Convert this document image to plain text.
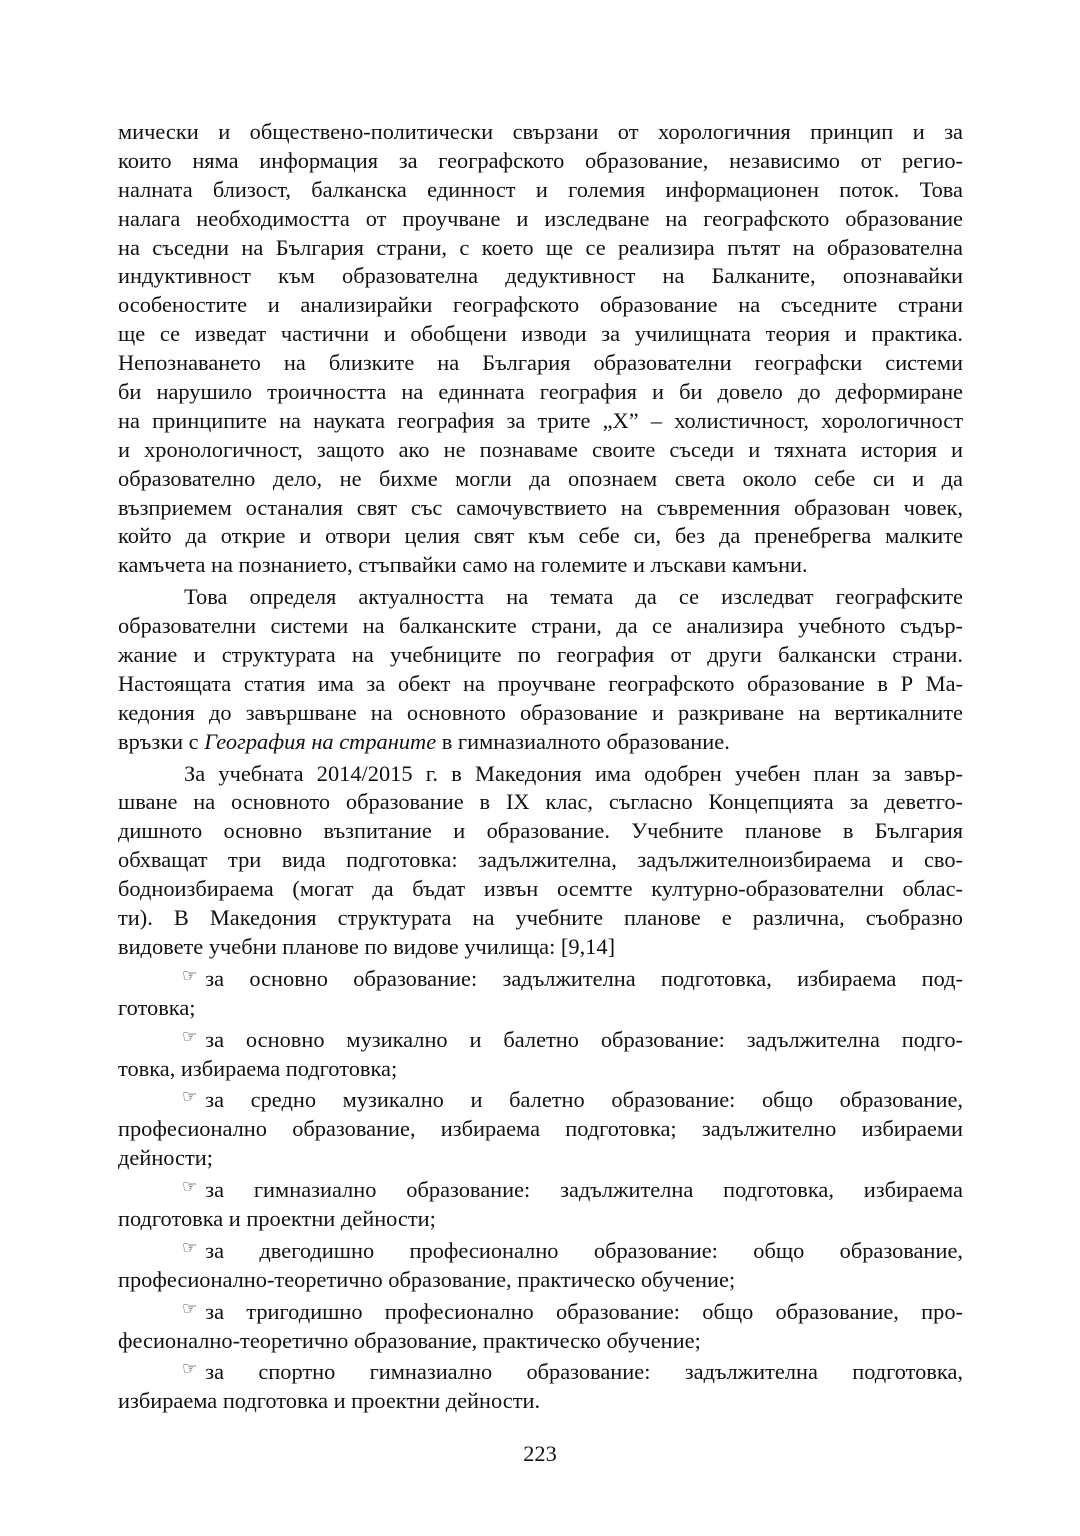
мически и обществено-политически свързани от хорологичния принцип и за
които няма информация за географското образование, независимо от регио-
налната близост, балканска единност и големия информационен поток. Това
налага необходимостта от проучване и изследване на географското образование
на съседни на България страни, с което ще се реализира пътят на образователна
индуктивност към образователна дедуктивност на Балканите, опознавайки
особеностите и анализирайки географското образование на съседните страни
ще се изведат частични и обобщени изводи за училищната теория и практика.
Непознаването на близките на България образователни географски системи
би нарушило троичността на единната география и би довело до деформиране
на принципите на науката география за трите „Х” – холистичност, хорологичност
и хронологичност, защото ако не познаваме своите съседи и тяхната история и
образователно дело, не бихме могли да опознаем света около себе си и да
възприемем останалия свят със самочувствието на съвременния образован човек,
който да открие и отвори целия свят към себе си, без да пренебрегва малките
камъчета на познанието, стъпвайки само на големите и лъскави камъни.
Това определя актуалността на темата да се изследват географските
образователни системи на балканските страни, да се анализира учебното съдър-
жание и структурата на учебниците по география от други балкански страни.
Настоящата статия има за обект на проучване географското образование в Р Ма-
кедония до завършване на основното образование и разкриване на вертикалните
връзки с География на страните в гимназиалното образование.
За учебната 2014/2015 г. в Македония има одобрен учебен план за завър-
шване на основното образование в IX клас, съгласно Концепцията за деветго-
дишното основно възпитание и образование. Учебните планове в България
обхващат три вида подготовка: задължителна, задължителноизбираема и сво-
бодноизбираема (могат да бъдат извън осемтте културно-образователни облас-
ти). В Македония структурата на учебните планове е различна, съобразно
видовете учебни планове по видове училища: [9,14]
☞ за основно образование: задължителна подготовка, избираема под-
готовка;
☞ за основно музикално и балетно образование: задължителна подго-
товка, избираема подготовка;
☞ за средно музикално и балетно образование: общо образование,
професионално образование, избираема подготовка; задължително избираеми
дейности;
☞ за гимназиално образование: задължителна подготовка, избираема
подготовка и проектни дейности;
☞ за двегодишно професионално образование: общо образование,
професионално-теоретично образование, практическо обучение;
☞ за тригодишно професионално образование: общо образование, про-
фесионално-теоретично образование, практическо обучение;
☞ за спортно гимназиално образование: задължителна подготовка,
избираема подготовка и проектни дейности.
223
